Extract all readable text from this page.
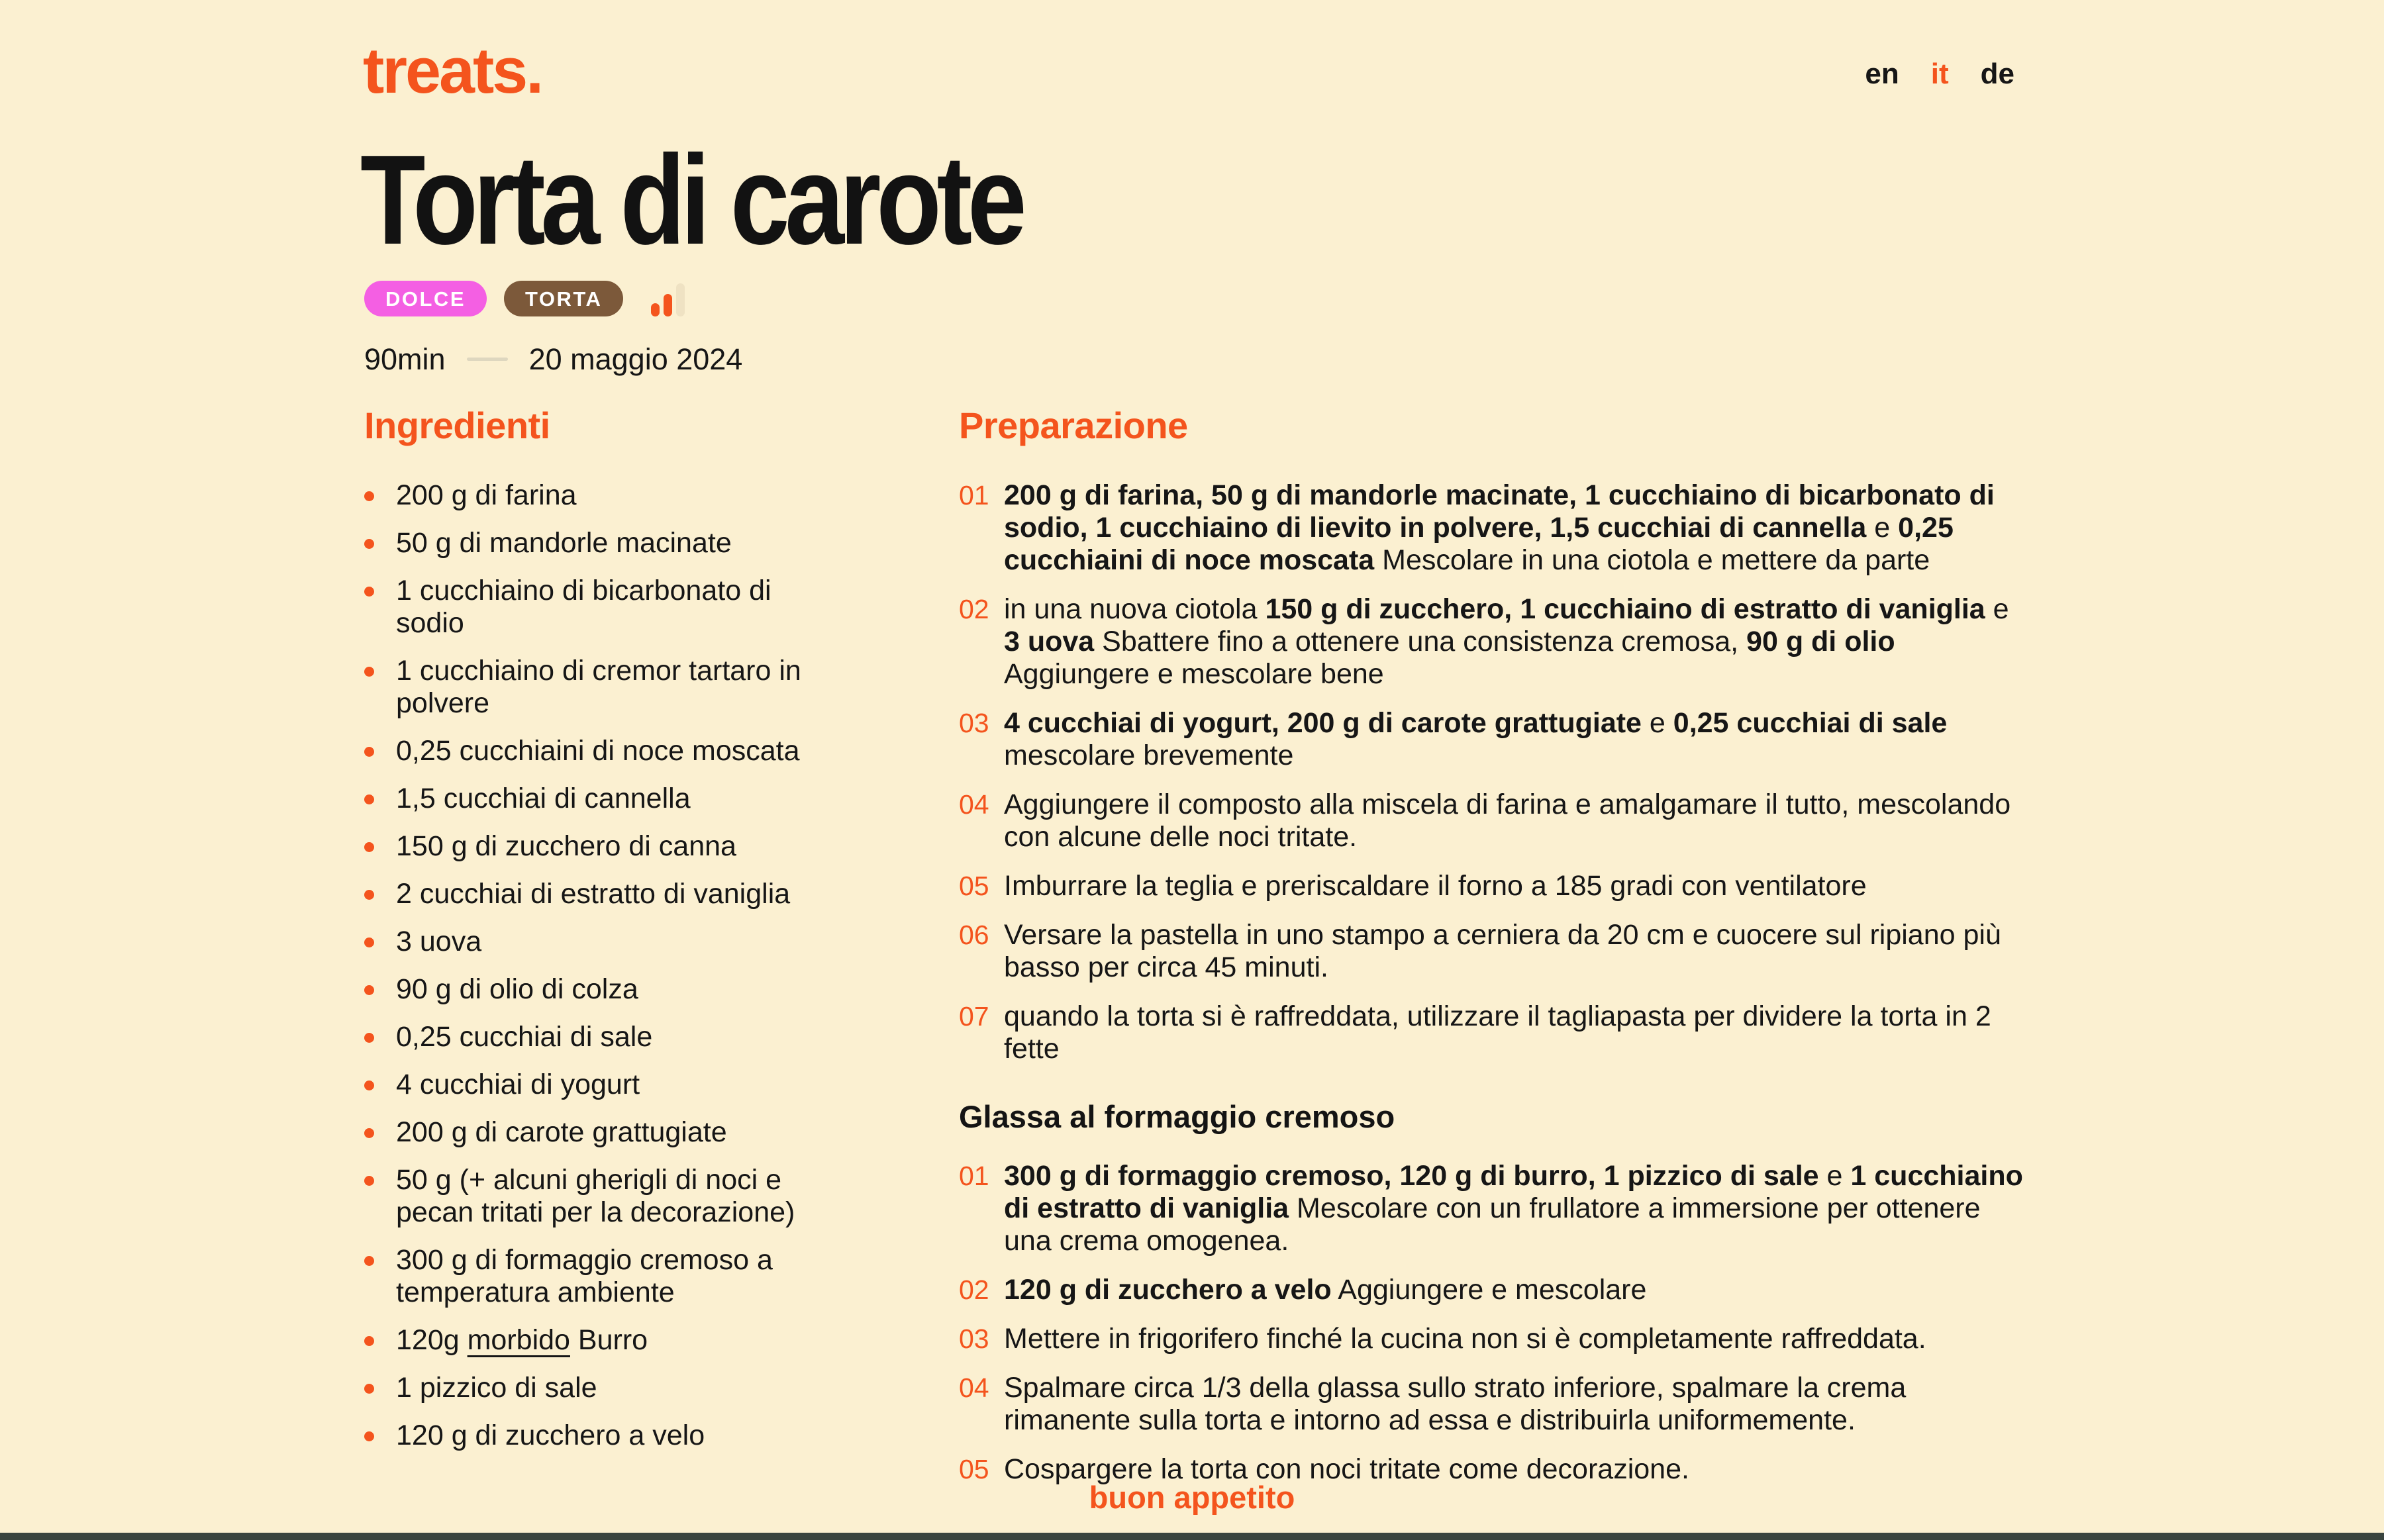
treats.	en it de
Torta di carote
DOLCE	TORTA
90min	20 maggio 2024
Ingredienti
200 g di farina
50 g di mandorle macinate
1 cucchiaino di bicarbonato di sodio
1 cucchiaino di cremor tartaro in polvere
0,25 cucchiaini di noce moscata
1,5 cucchiai di cannella
150 g di zucchero di canna
2 cucchiai di estratto di vaniglia
3 uova
90 g di olio di colza
0,25 cucchiai di sale
4 cucchiai di yogurt
200 g di carote grattugiate
50 g (+ alcuni gherigli di noci e pecan tritati per la decorazione)
300 g di formaggio cremoso a temperatura ambiente
120g morbido Burro
1 pizzico di sale
120 g di zucchero a velo
Preparazione
01 200 g di farina, 50 g di mandorle macinate, 1 cucchiaino di bicarbonato di sodio, 1 cucchiaino di lievito in polvere, 1,5 cucchiai di cannella e 0,25 cucchiaini di noce moscata Mescolare in una ciotola e mettere da parte
02 in una nuova ciotola 150 g di zucchero, 1 cucchiaino di estratto di vaniglia e 3 uova Sbattere fino a ottenere una consistenza cremosa, 90 g di olio Aggiungere e mescolare bene
03 4 cucchiai di yogurt, 200 g di carote grattugiate e 0,25 cucchiai di sale mescolare brevemente
04 Aggiungere il composto alla miscela di farina e amalgamare il tutto, mescolando con alcune delle noci tritate.
05 Imburrare la teglia e preriscaldare il forno a 185 gradi con ventilatore
06 Versare la pastella in uno stampo a cerniera da 20 cm e cuocere sul ripiano più basso per circa 45 minuti.
07 quando la torta si è raffreddata, utilizzare il tagliapasta per dividere la torta in 2 fette
Glassa al formaggio cremoso
01 300 g di formaggio cremoso, 120 g di burro, 1 pizzico di sale e 1 cucchiaino di estratto di vaniglia Mescolare con un frullatore a immersione per ottenere una crema omogenea.
02 120 g di zucchero a velo Aggiungere e mescolare
03 Mettere in frigorifero finché la cucina non si è completamente raffreddata.
04 Spalmare circa 1/3 della glassa sullo strato inferiore, spalmare la crema rimanente sulla torta e intorno ad essa e distribuirla uniformemente.
05 Cospargere la torta con noci tritate come decorazione.
buon appetito
